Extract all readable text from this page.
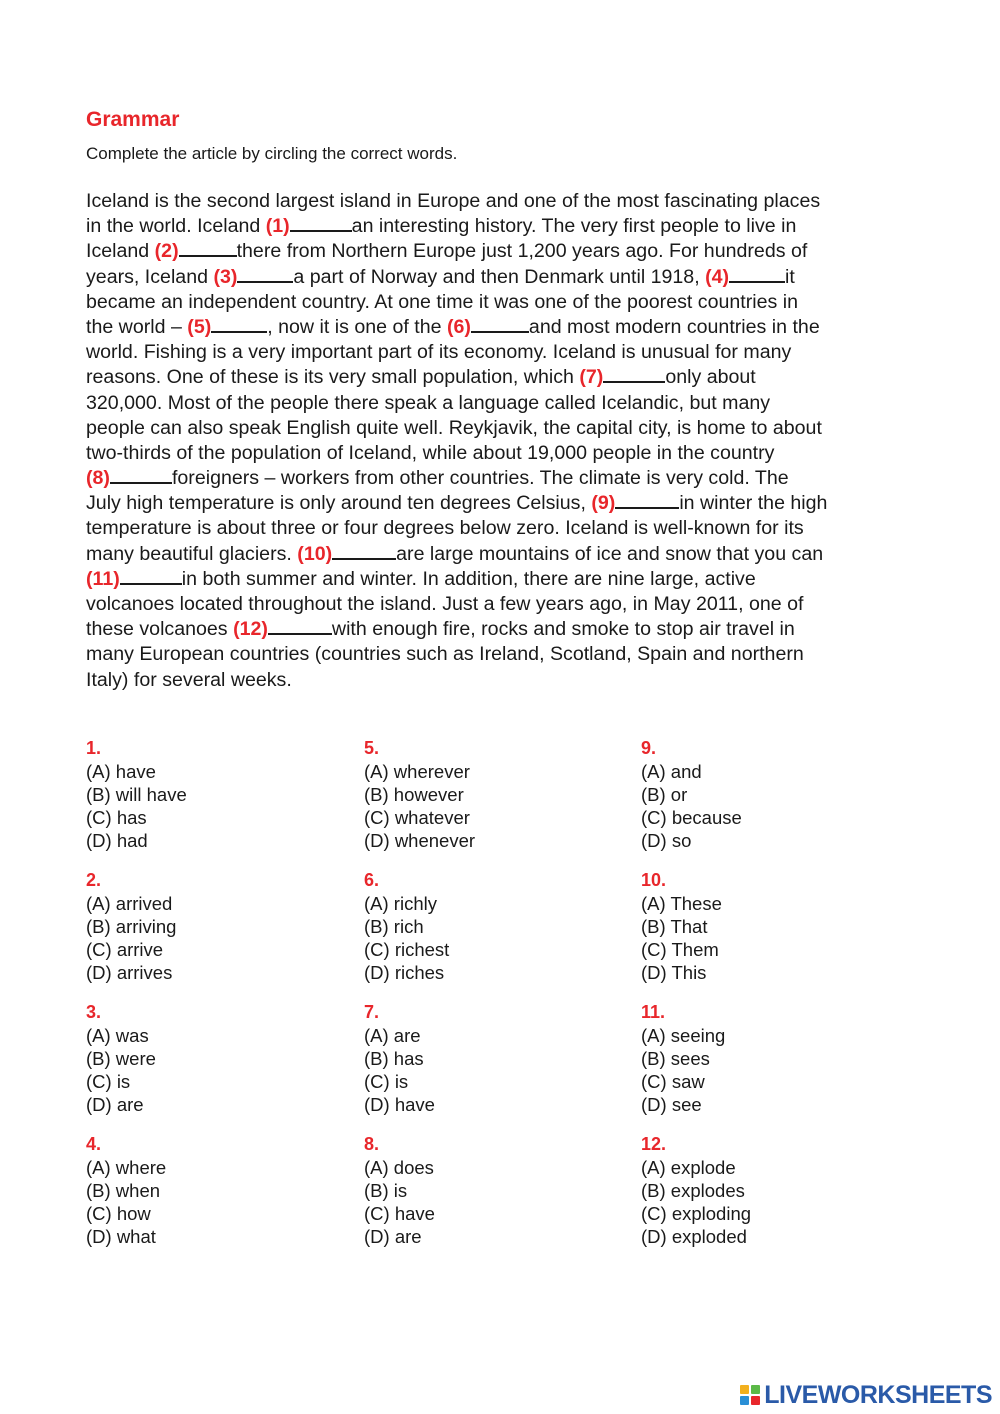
Grammar
Complete the article by circling the correct words.
Iceland is the second largest island in Europe and one of the most fascinating places
in the world. Iceland (1)	an interesting history. The very first people to live in
Iceland (2)	there from Northern Europe just 1,200 years ago. For hundreds of
years, Iceland (3)	a part of Norway and then Denmark until 1918, (4)	it
became an independent country. At one time it was one of the poorest countries in
the world – (5)	, now it is one of the (6)	and most modern countries in the
world. Fishing is a very important part of its economy. Iceland is unusual for many
reasons. One of these is its very small population, which (7)	only about
320,000. Most of the people there speak a language called Icelandic, but many
people can also speak English quite well. Reykjavik, the capital city, is home to about
two-thirds of the population of Iceland, while about 19,000 people in the country
(8)	foreigners – workers from other countries. The climate is very cold. The
July high temperature is only around ten degrees Celsius, (9)	in winter the high
temperature is about three or four degrees below zero. Iceland is well-known for its
many beautiful glaciers. (10)	are large mountains of ice and snow that you can
(11)	in both summer and winter. In addition, there are nine large, active
volcanoes located throughout the island. Just a few years ago, in May 2011, one of
these volcanoes (12)	with enough fire, rocks and smoke to stop air travel in
many European countries (countries such as Ireland, Scotland, Spain and northern
Italy) for several weeks.
1.
(A) have
(B) will have
(C) has
(D) had
2.
(A) arrived
(B) arriving
(C) arrive
(D) arrives
3.
(A) was
(B) were
(C) is
(D) are
4.
(A) where
(B) when
(C) how
(D) what
5.
(A) wherever
(B) however
(C) whatever
(D) whenever
6.
(A) richly
(B) rich
(C) richest
(D) riches
7.
(A) are
(B) has
(C) is
(D) have
8.
(A) does
(B) is
(C) have
(D) are
9.
(A) and
(B) or
(C) because
(D) so
10.
(A) These
(B) That
(C) Them
(D) This
11.
(A) seeing
(B) sees
(C) saw
(D) see
12.
(A) explode
(B) explodes
(C) exploding
(D) exploded
LIVEWORKSHEETS
